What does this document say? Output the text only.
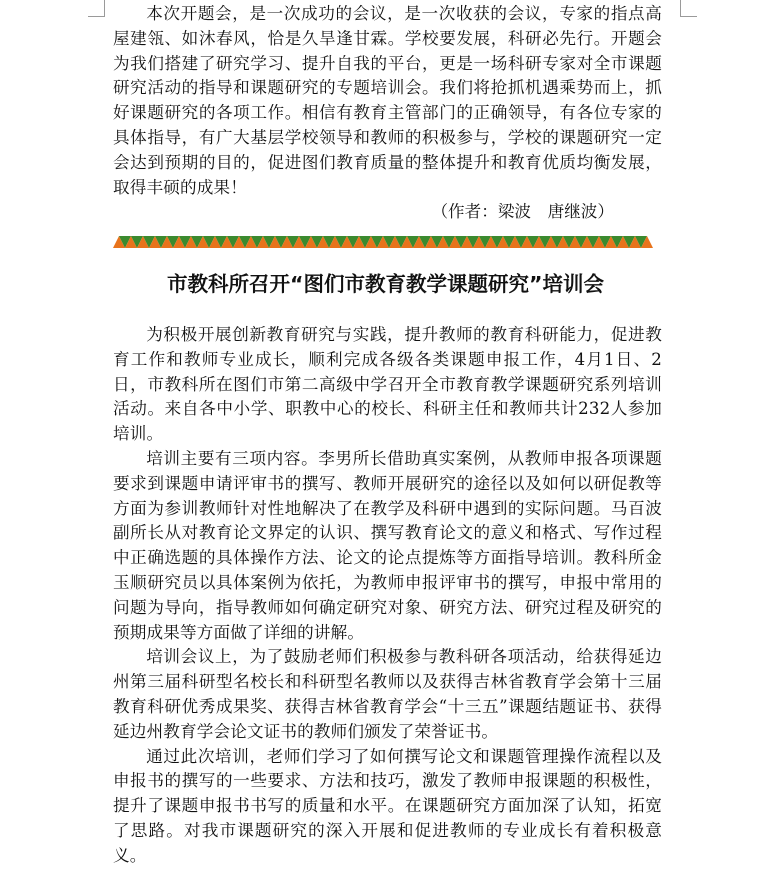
本次开题会，是一次成功的会议，是一次收获的会议，专家的指点高屋建瓴、如沐春风，恰是久旱逢甘霖。学校要发展，科研必先行。开题会为我们搭建了研究学习、提升自我的平台，更是一场科研专家对全市课题研究活动的指导和课题研究的专题培训会。我们将抢抓机遇乘势而上，抓好课题研究的各项工作。相信有教育主管部门的正确领导，有各位专家的具体指导，有广大基层学校领导和教师的积极参与，学校的课题研究一定会达到预期的目的，促进图们教育质量的整体提升和教育优质均衡发展，取得丰硕的成果！

（作者：梁波　唐继波）

市教科所召开“图们市教育教学课题研究”培训会

为积极开展创新教育研究与实践，提升教师的教育科研能力，促进教育工作和教师专业成长，顺利完成各级各类课题申报工作，4月1日、2日，市教科所在图们市第二高级中学召开全市教育教学课题研究系列培训活动。来自各中小学、职教中心的校长、科研主任和教师共计232人参加培训。

培训主要有三项内容。李男所长借助真实案例，从教师申报各项课题要求到课题申请评审书的撰写、教师开展研究的途径以及如何以研促教等方面为参训教师针对性地解决了在教学及科研中遇到的实际问题。马百波副所长从对教育论文界定的认识、撰写教育论文的意义和格式、写作过程中正确选题的具体操作方法、论文的论点提炼等方面指导培训。教科所金玉顺研究员以具体案例为依托，为教师申报评审书的撰写，申报中常用的问题为导向，指导教师如何确定研究对象、研究方法、研究过程及研究的预期成果等方面做了详细的讲解。

培训会议上，为了鼓励老师们积极参与教科研各项活动，给获得延边州第三届科研型名校长和科研型名教师以及获得吉林省教育学会第十三届教育科研优秀成果奖、获得吉林省教育学会“十三五”课题结题证书、获得延边州教育学会论文证书的教师们颁发了荣誉证书。

通过此次培训，老师们学习了如何撰写论文和课题管理操作流程以及申报书的撰写的一些要求、方法和技巧，激发了教师申报课题的积极性，提升了课题申报书书写的质量和水平。在课题研究方面加深了认知，拓宽了思路。对我市课题研究的深入开展和促进教师的专业成长有着积极意义。
